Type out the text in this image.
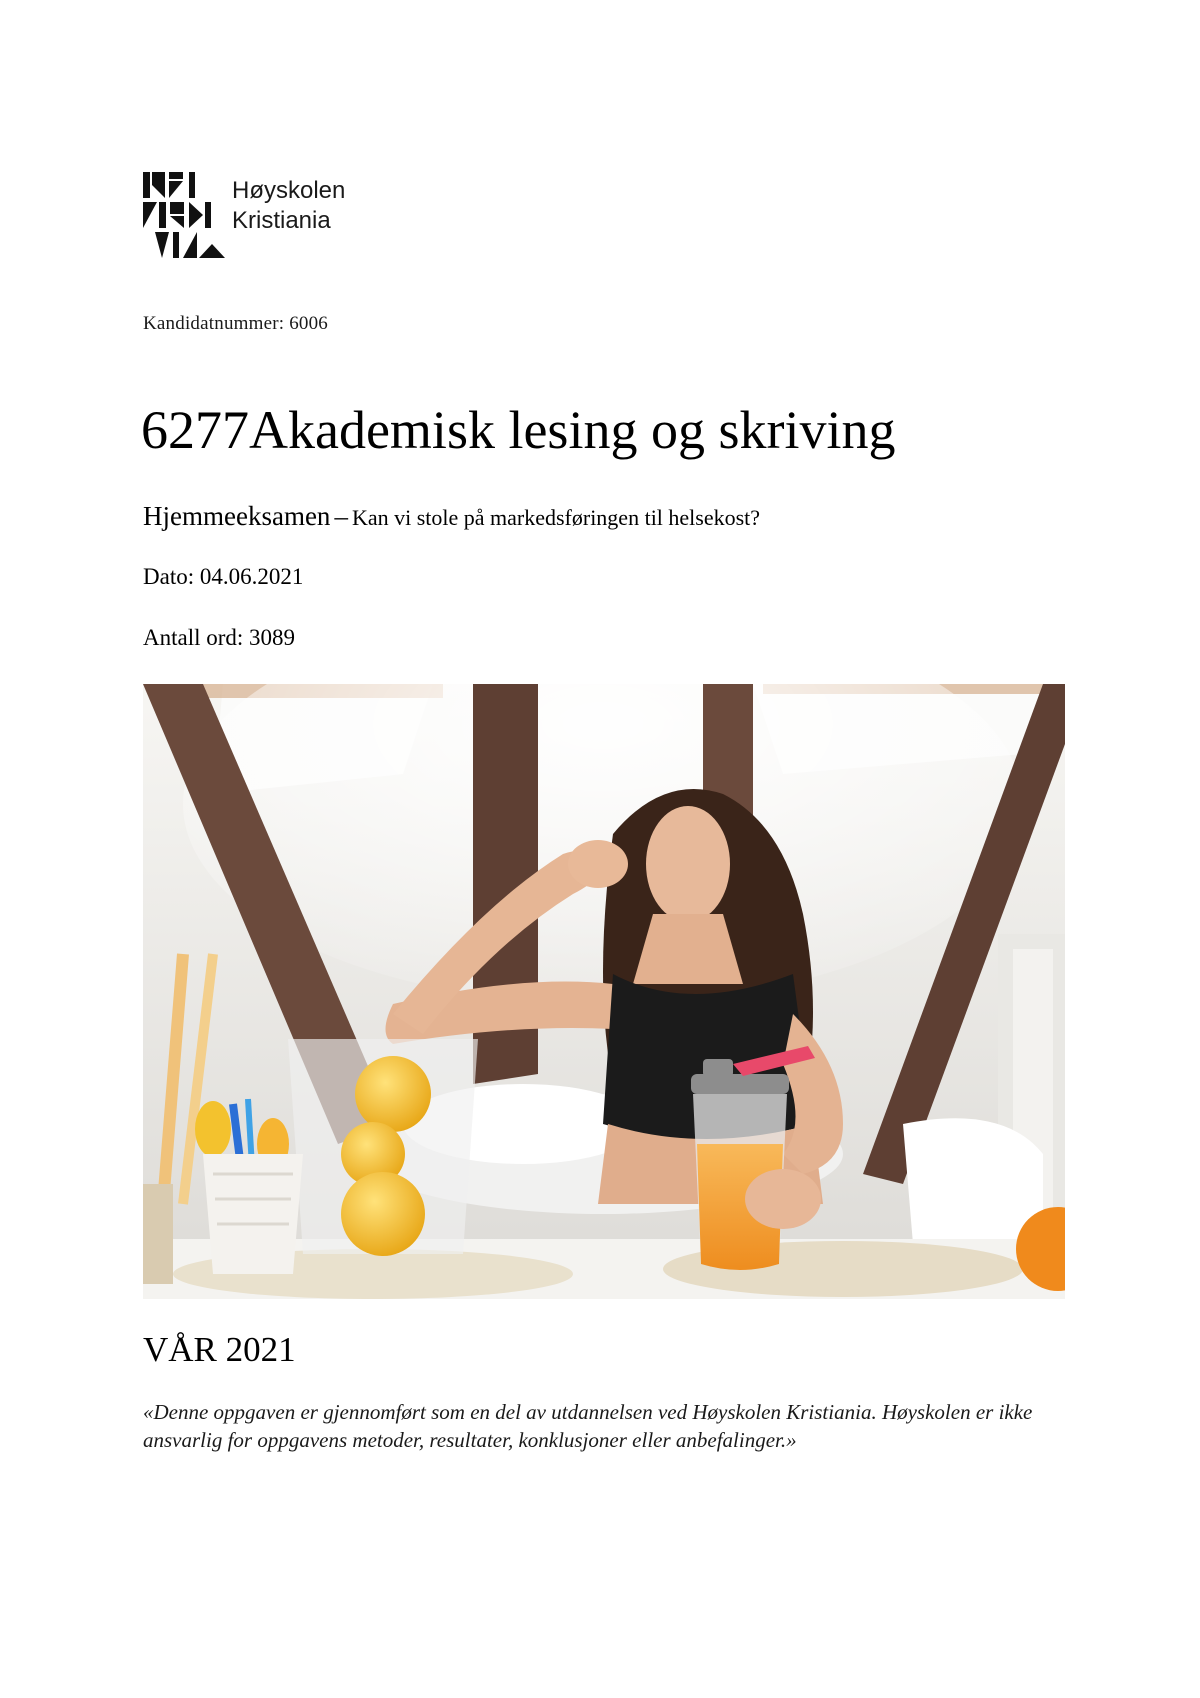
Høyskolen
Kristiania
Kandidatnummer: 6006
6277Akademisk lesing og skriving
Hjemmeeksamen – Kan vi stole på markedsføringen til helsekost?
Dato: 04.06.2021
Antall ord: 3089
VÅR 2021
«Denne oppgaven er gjennomført som en del av utdannelsen ved Høyskolen Kristiania. Høyskolen er ikke ansvarlig for oppgavens metoder, resultater, konklusjoner eller anbefalinger.»
